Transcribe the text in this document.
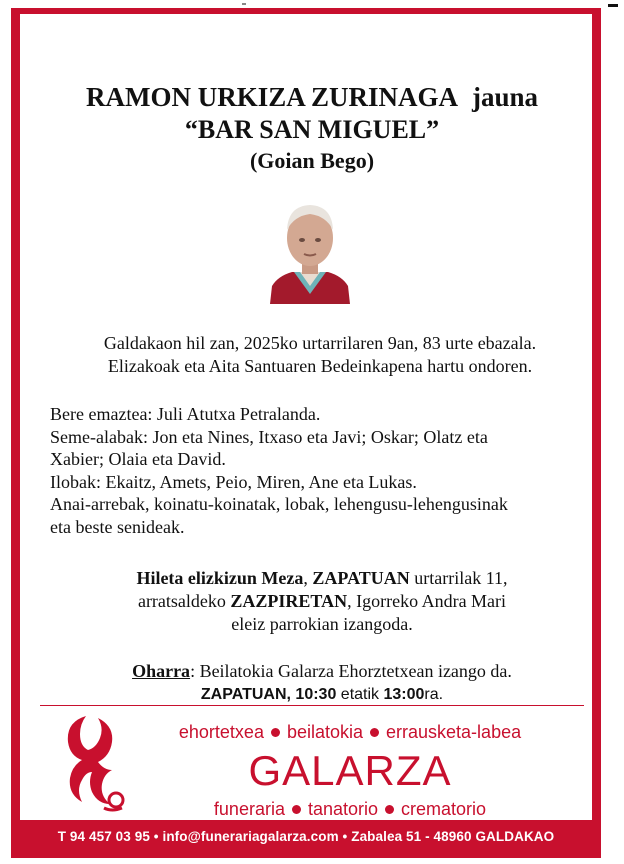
RAMON URKIZA ZURINAGA jauna
“BAR SAN MIGUEL”
(Goian Bego)
Galdakaon hil zan, 2025ko urtarrilaren 9an, 83 urte ebazala.
Elizakoak eta Aita Santuaren Bedeinkapena hartu ondoren.
Bere emaztea: Juli Atutxa Petralanda.
Seme-alabak: Jon eta Nines, Itxaso eta Javi; Oskar; Olatz eta
Xabier; Olaia eta David.
Ilobak: Ekaitz, Amets, Peio, Miren, Ane eta Lukas.
Anai-arrebak, koinatu-koinatak, lobak, lehengusu-lehengusinak
eta beste senideak.
Hileta elizkizun Meza, ZAPATUAN urtarrilak 11,
arratsaldeko ZAZPIRETAN, Igorreko Andra Mari
eleiz parrokian izangoda.
Oharra: Beilatokia Galarza Ehorztetxean izango da.
ZAPATUAN, 10:30 etatik 13:00ra.
ehortetxea beilatokia errausketa-labea
GALARZA
funeraria tanatorio crematorio
T 94 457 03 95 • info@funerariagalarza.com • Zabalea 51 - 48960 GALDAKAO
